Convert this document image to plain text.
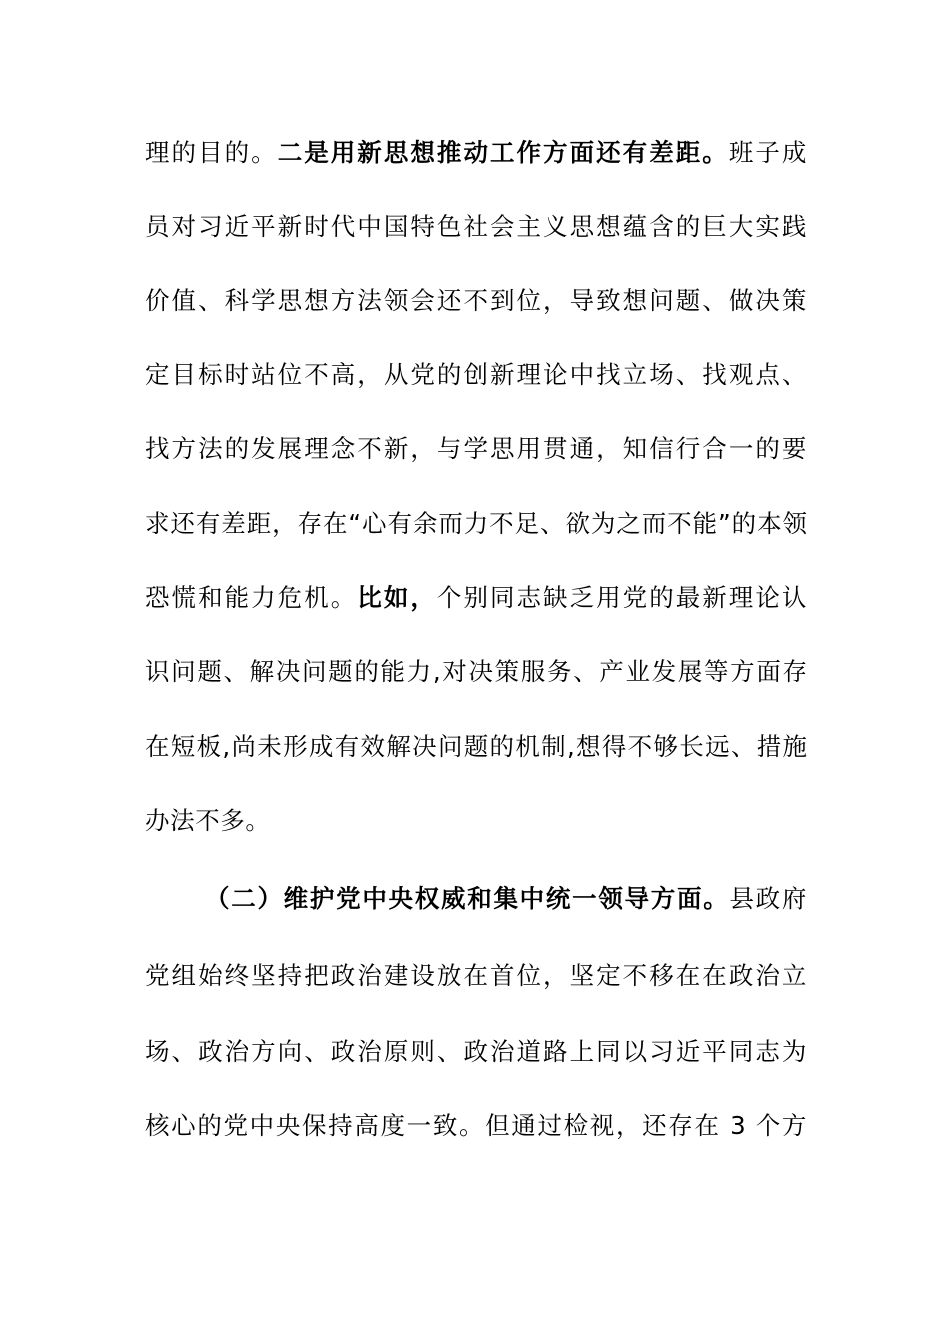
理的目的。二是用新思想推动工作方面还有差距。班子成
员对习近平新时代中国特色社会主义思想蕴含的巨大实践
价值、科学思想方法领会还不到位，导致想问题、做决策
定目标时站位不高，从党的创新理论中找立场、找观点、
找方法的发展理念不新，与学思用贯通，知信行合一的要
求还有差距，存在“心有余而力不足、欲为之而不能”的本领
恐慌和能力危机。比如，个别同志缺乏用党的最新理论认
识问题、解决问题的能力,对决策服务、产业发展等方面存
在短板,尚未形成有效解决问题的机制,想得不够长远、措施
办法不多。
（二）维护党中央权威和集中统一领导方面。县政府
党组始终坚持把政治建设放在首位，坚定不移在在政治立
场、政治方向、政治原则、政治道路上同以习近平同志为
核心的党中央保持高度一致。但通过检视，还存在 3 个方
